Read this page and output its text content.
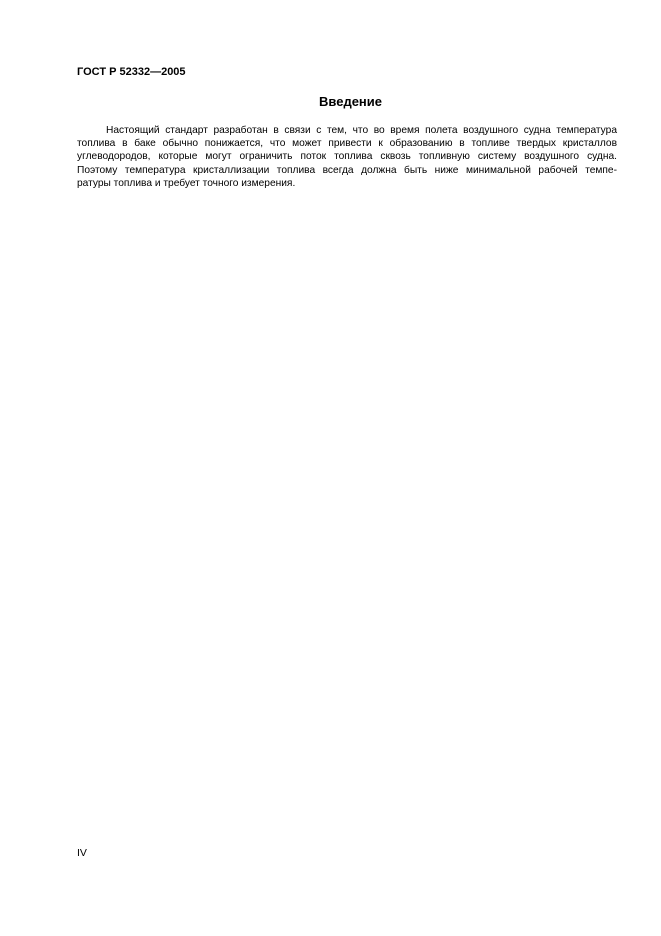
ГОСТ Р 52332—2005
Введение
Настоящий стандарт разработан в связи с тем, что во время полета воздушного судна температура
топлива в баке обычно понижается, что может привести к образованию в топливе твердых кристаллов
углеводородов, которые могут ограничить поток топлива сквозь топливную систему воздушного судна.
Поэтому температура кристаллизации топлива всегда должна быть ниже минимальной рабочей темпе-
ратуры топлива и требует точного измерения.
IV
